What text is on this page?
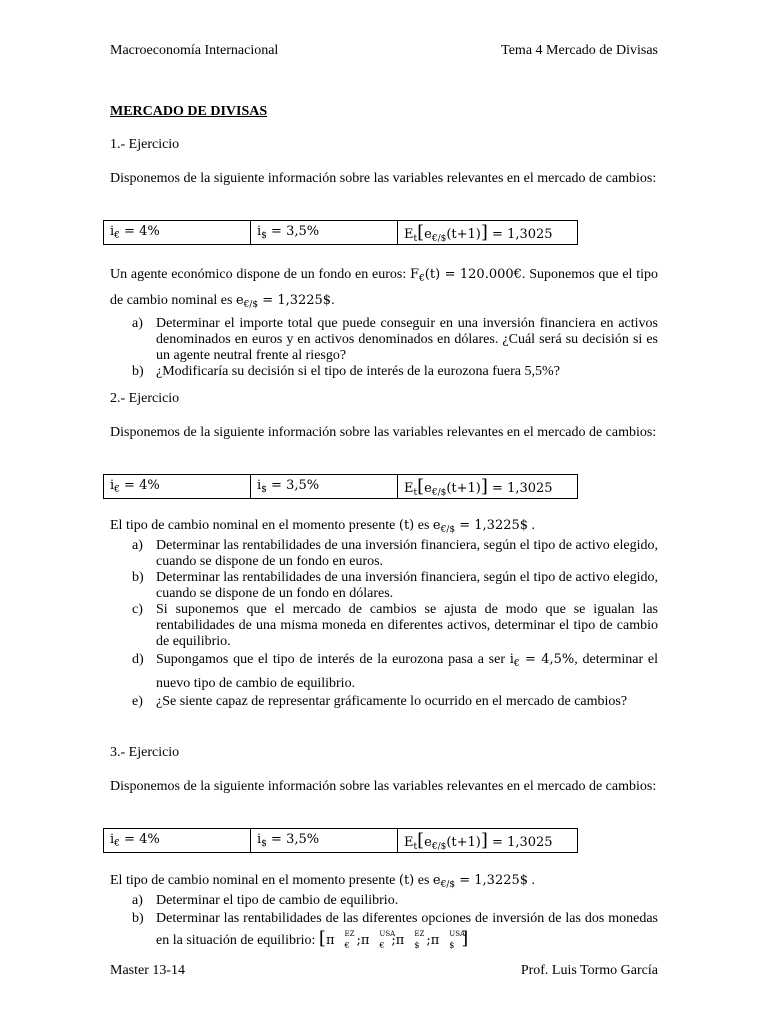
Macroeconomía Internacional	Tema 4 Mercado de Divisas
MERCADO DE DIVISAS
1.- Ejercicio

Disponemos de la siguiente información sobre las variables relevantes en el mercado de cambios:

$i_€ = 4\%$	$i_{\$} = 3,5\%$	$E_t[e_{€/\$}(t+1)] = 1,3025$

Un agente económico dispone de un fondo en euros: $F_€(t)$ = 120.000€. Suponemos que el tipo de cambio nominal es $e_{€/\$}$ = 1,3225$.

a) Determinar el importe total que puede conseguir en una inversión financiera en activos denominados en euros y en activos denominados en dólares. ¿Cuál será su decisión si es un agente neutral frente al riesgo?
b) ¿Modificaría su decisión si el tipo de interés de la eurozona fuera 5,5%?
2.- Ejercicio

Disponemos de la siguiente información sobre las variables relevantes en el mercado de cambios:

$i_€ = 4\%$	$i_{\$} = 3,5\%$	$E_t[e_{€/\$}(t+1)] = 1,3025$

El tipo de cambio nominal en el momento presente (t) es $e_{€/\$}$ = 1,3225$ .

a) Determinar las rentabilidades de una inversión financiera, según el tipo de activo elegido, cuando se dispone de un fondo en euros.
b) Determinar las rentabilidades de una inversión financiera, según el tipo de activo elegido, cuando se dispone de un fondo en dólares.
c) Si suponemos que el mercado de cambios se ajusta de modo que se igualan las rentabilidades de una misma moneda en diferentes activos, determinar el tipo de cambio de equilibrio.
d) Supongamos que el tipo de interés de la eurozona pasa a ser $i_€ = 4,5\%$, determinar el nuevo tipo de cambio de equilibrio.
e) ¿Se siente capaz de representar gráficamente lo ocurrido en el mercado de cambios?
3.- Ejercicio

Disponemos de la siguiente información sobre las variables relevantes en el mercado de cambios:

$i_€ = 4\%$	$i_{\$} = 3,5\%$	$E_t[e_{€/\$}(t+1)] = 1,3025$

El tipo de cambio nominal en el momento presente (t) es $e_{€/\$}$ = 1,3225$ .

a) Determinar el tipo de cambio de equilibrio.
b) Determinar las rentabilidades de las diferentes opciones de inversión de las dos monedas en la situación de equilibrio: [π EZ
€ ;π USA
€ ;π EZ
$ ;π USA
$ ]
Master 13-14	Prof. Luis Tormo García
